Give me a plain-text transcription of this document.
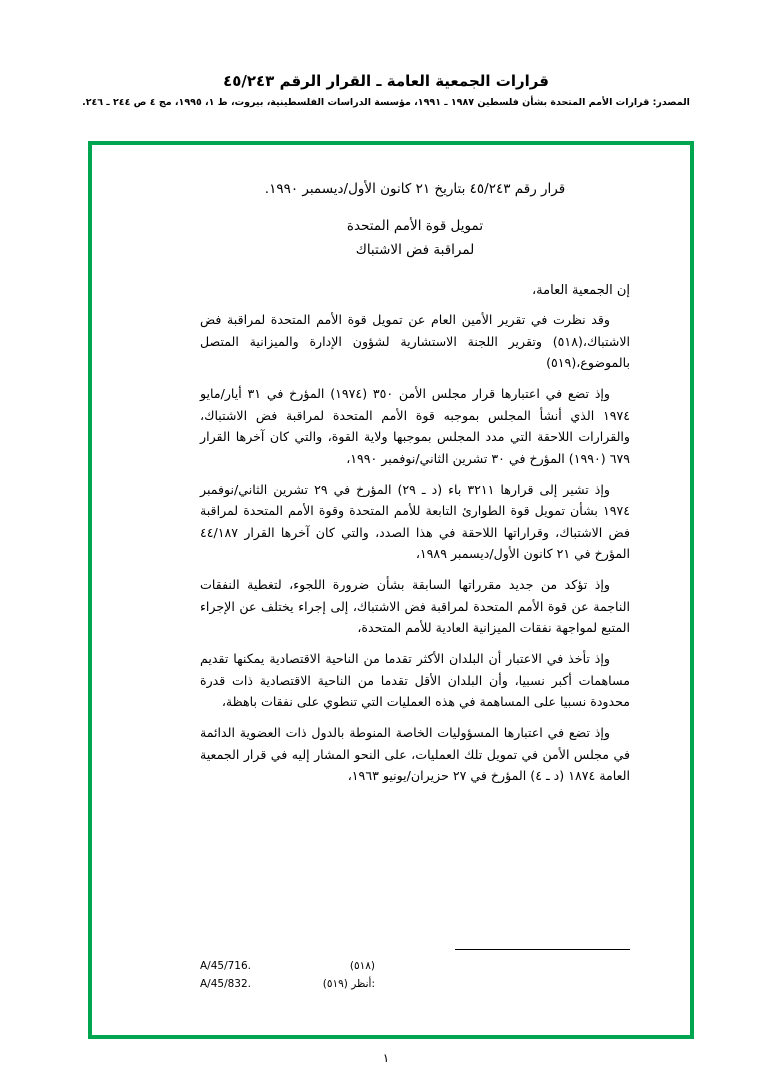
قرارات الجمعية العامة ـ القرار الرقم ٤٥/٢٤٣
المصدر: قرارات الأمم المتحدة بشأن فلسطين ١٩٨٧ ـ ١٩٩١، مؤسسة الدراسات الفلسطينية، بيروت، ط ١، ١٩٩٥، مج ٤ ص ٢٤٤ ـ ٢٤٦.
قرار رقم ٤٥/٢٤٣ بتاريخ ٢١ كانون الأول/ديسمبر ١٩٩٠.
تمويل قوة الأمم المتحدة
لمراقبة فض الاشتباك
إن الجمعية العامة،

وقد نظرت في تقرير الأمين العام عن تمويل قوة الأمم المتحدة لمراقبة فض الاشتباك،(٥١٨) وتقرير اللجنة الاستشارية لشؤون الإدارة والميزانية المتصل بالموضوع،(٥١٩)

وإذ تضع في اعتبارها قرار مجلس الأمن ٣٥٠ (١٩٧٤) المؤرخ في ٣١ أيار/مايو ١٩٧٤ الذي أنشأ المجلس بموجبه قوة الأمم المتحدة لمراقبة فض الاشتباك، والقرارات اللاحقة التي مدد المجلس بموجبها ولاية القوة، والتي كان آخرها القرار ٦٧٩ (١٩٩٠) المؤرخ في ٣٠ تشرين الثاني/نوفمبر ١٩٩٠،

وإذ تشير إلى قرارها ٣٢١١ باء (د ـ ٢٩) المؤرخ في ٢٩ تشرين الثاني/نوفمبر ١٩٧٤ بشأن تمويل قوة الطوارئ التابعة للأمم المتحدة وقوة الأمم المتحدة لمراقبة فض الاشتباك، وقراراتها اللاحقة في هذا الصدد، والتي كان آخرها القرار ٤٤/١٨٧ المؤرخ في ٢١ كانون الأول/ديسمبر ١٩٨٩،

وإذ تؤكد من جديد مقرراتها السابقة بشأن ضرورة اللجوء، لتغطية النفقات الناجمة عن قوة الأمم المتحدة لمراقبة فض الاشتباك، إلى إجراء يختلف عن الإجراء المتبع لمواجهة نفقات الميزانية العادية للأمم المتحدة،

وإذ تأخذ في الاعتبار أن البلدان الأكثر تقدما من الناحية الاقتصادية يمكنها تقديم مساهمات أكبر نسبيا، وأن البلدان الأقل تقدما من الناحية الاقتصادية ذات قدرة محدودة نسبيا على المساهمة في هذه العمليات التي تنطوي على نفقات باهظة،

وإذ تضع في اعتبارها المسؤوليات الخاصة المنوطة بالدول ذات العضوية الدائمة في مجلس الأمن في تمويل تلك العمليات، على النحو المشار إليه في قرار الجمعية العامة ١٨٧٤ (د ـ ٤) المؤرخ في ٢٧ حزيران/يونيو ١٩٦٣،

A/45/716.	(٥١٨)
A/45/832.	(٥١٩) أنظر:
١
